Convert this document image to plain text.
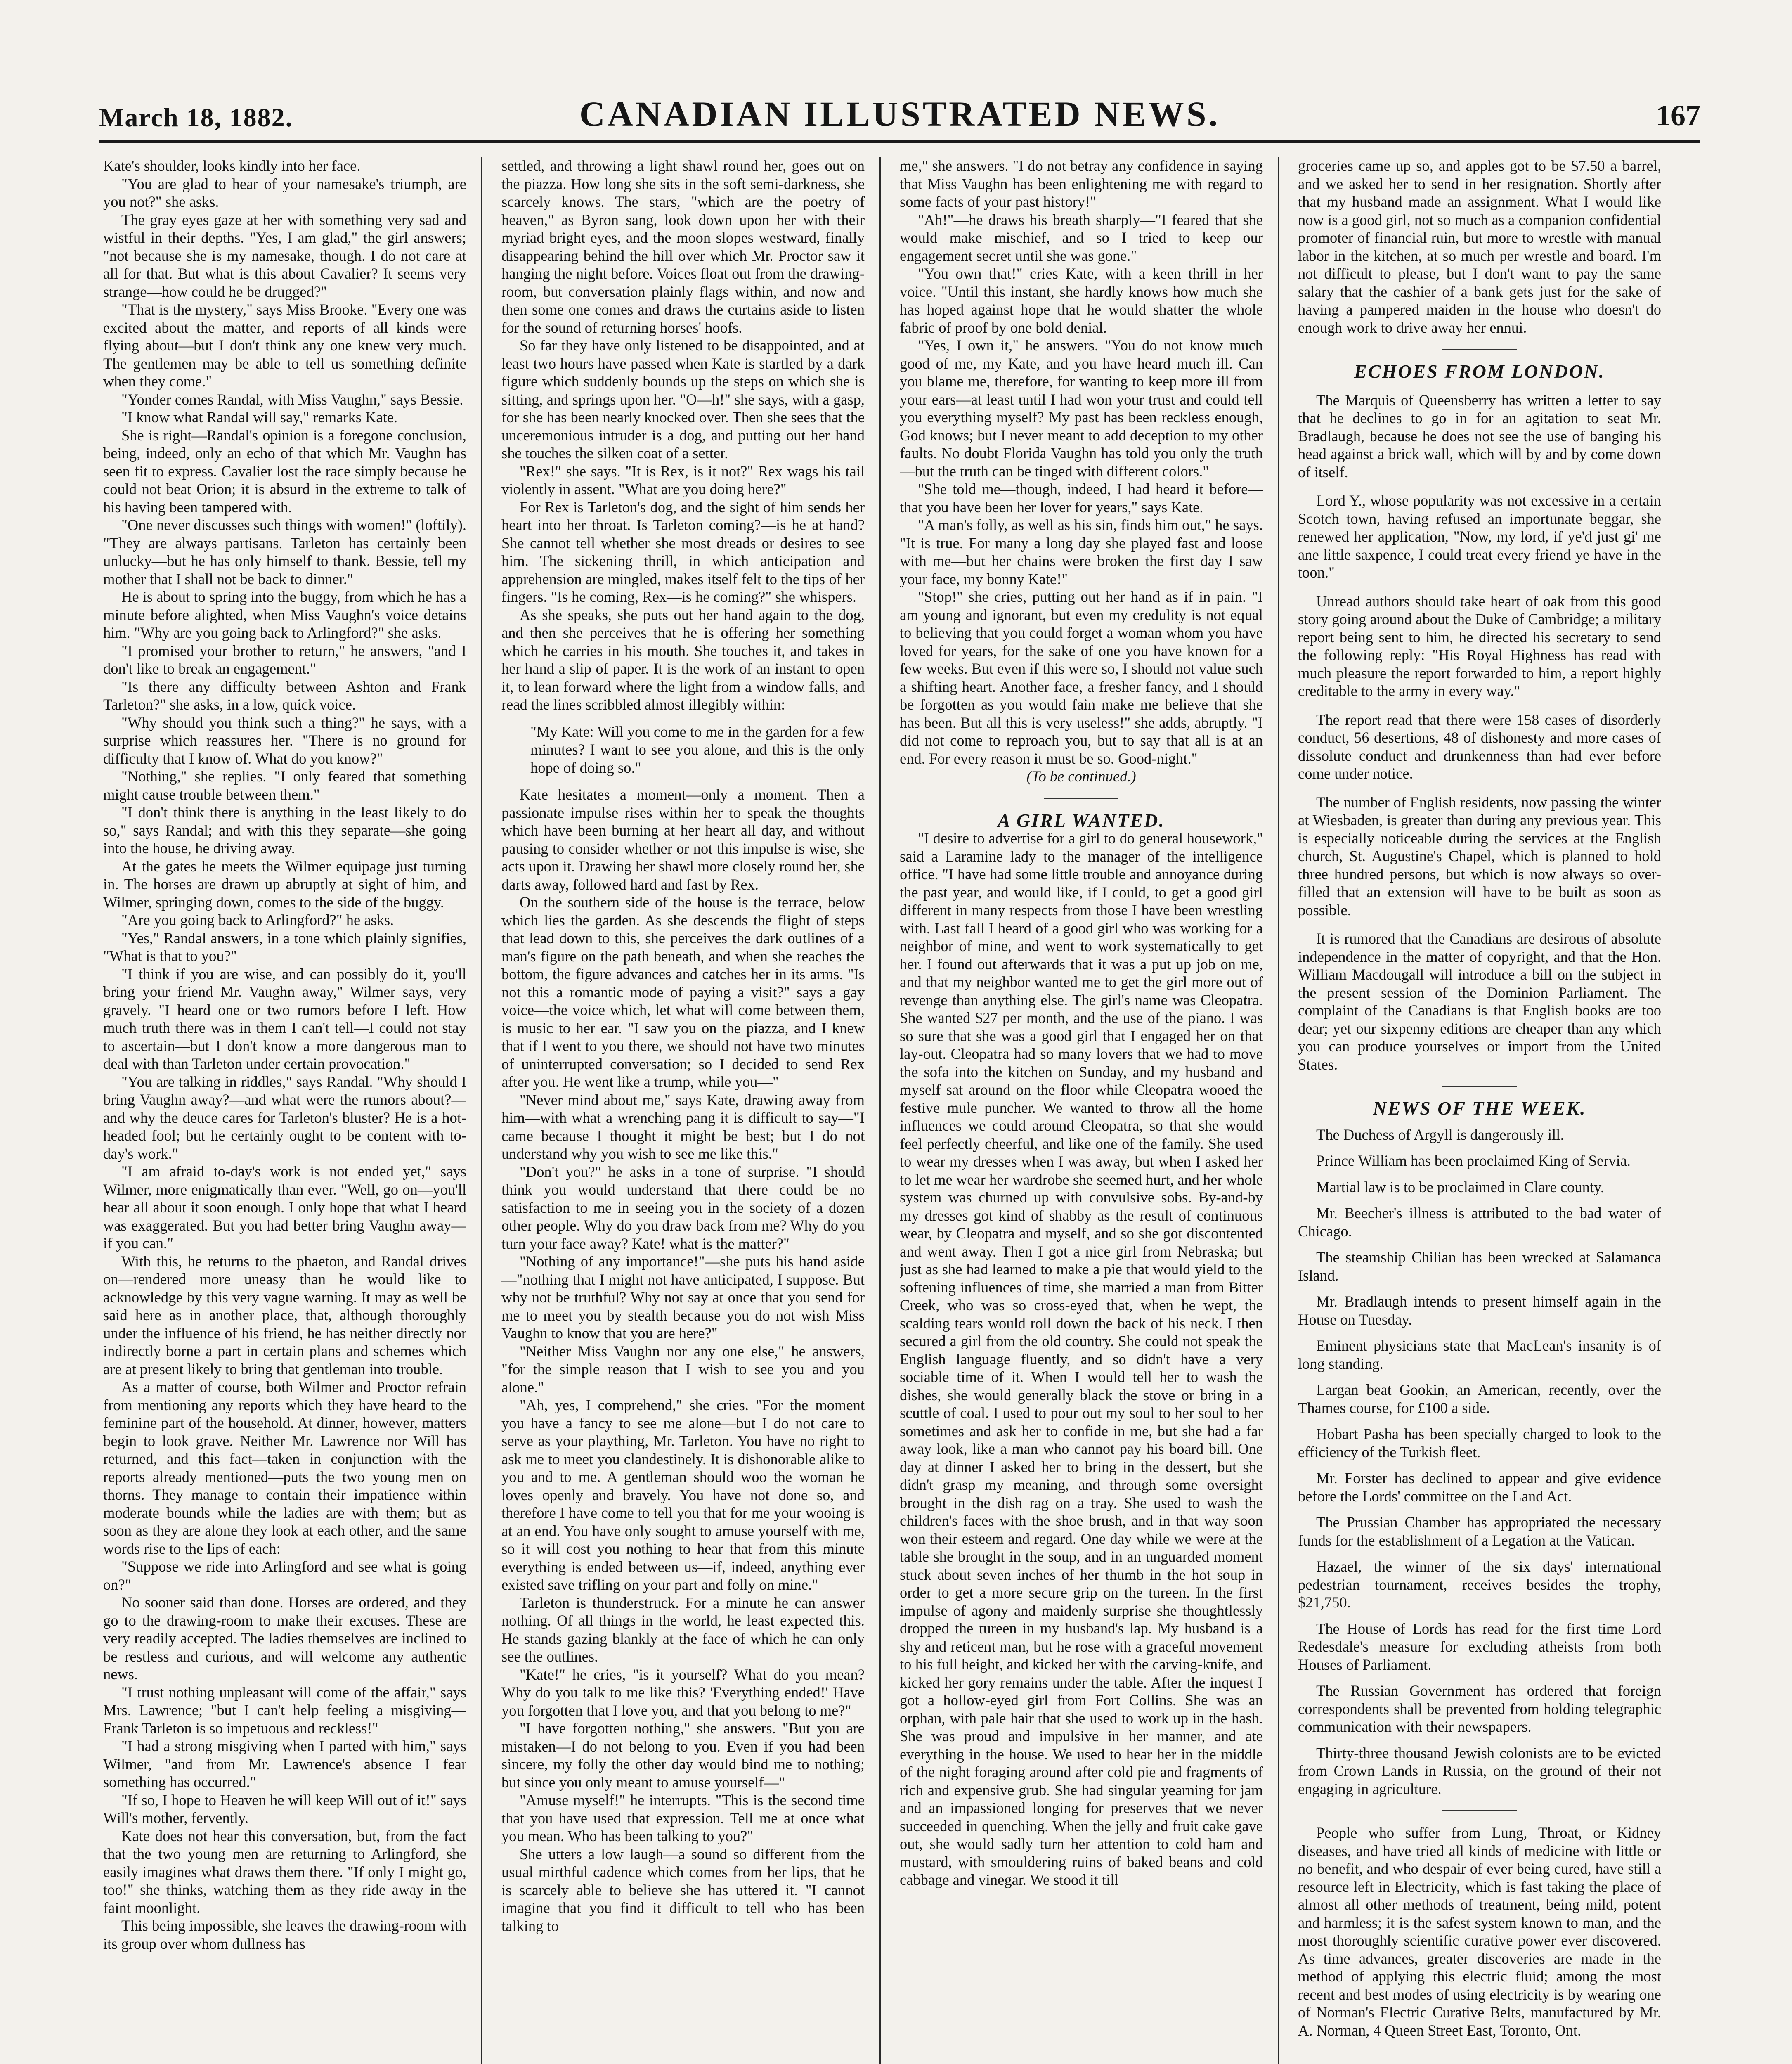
March 18, 1882.	CANADIAN ILLUSTRATED NEWS.	167

Kate's shoulder, looks kindly into her face.

"You are glad to hear of your namesake's triumph, are you not?" she asks.

The gray eyes gaze at her with something very sad and wistful in their depths. "Yes, I am glad," the girl answers; "not because she is my namesake, though. I do not care at all for that. But what is this about Cavalier? It seems very strange—how could he be drugged?"

"That is the mystery," says Miss Brooke. "Every one was excited about the matter, and reports of all kinds were flying about—but I don't think any one knew very much. The gentlemen may be able to tell us something definite when they come."

"Yonder comes Randal, with Miss Vaughn," says Bessie.

"I know what Randal will say," remarks Kate.

She is right—Randal's opinion is a foregone conclusion, being, indeed, only an echo of that which Mr. Vaughn has seen fit to express. Cavalier lost the race simply because he could not beat Orion; it is absurd in the extreme to talk of his having been tampered with.

"One never discusses such things with women!" (loftily). "They are always partisans. Tarleton has certainly been unlucky—but he has only himself to thank. Bessie, tell my mother that I shall not be back to dinner."

He is about to spring into the buggy, from which he has a minute before alighted, when Miss Vaughn's voice detains him. "Why are you going back to Arlingford?" she asks.

"I promised your brother to return," he answers, "and I don't like to break an engagement."

"Is there any difficulty between Ashton and Frank Tarleton?" she asks, in a low, quick voice.

"Why should you think such a thing?" he says, with a surprise which reassures her. "There is no ground for difficulty that I know of. What do you know?"

"Nothing," she replies. "I only feared that something might cause trouble between them."

"I don't think there is anything in the least likely to do so," says Randal; and with this they separate—she going into the house, he driving away.

At the gates he meets the Wilmer equipage just turning in. The horses are drawn up abruptly at sight of him, and Wilmer, springing down, comes to the side of the buggy.

"Are you going back to Arlingford?" he asks.

"Yes," Randal answers, in a tone which plainly signifies, "What is that to you?"

"I think if you are wise, and can possibly do it, you'll bring your friend Mr. Vaughn away," Wilmer says, very gravely. "I heard one or two rumors before I left. How much truth there was in them I can't tell—I could not stay to ascertain—but I don't know a more dangerous man to deal with than Tarleton under certain provocation."

"You are talking in riddles," says Randal. "Why should I bring Vaughn away?—and what were the rumors about?—and why the deuce cares for Tarleton's bluster? He is a hot-headed fool; but he certainly ought to be content with to-day's work."

"I am afraid to-day's work is not ended yet," says Wilmer, more enigmatically than ever. "Well, go on—you'll hear all about it soon enough. I only hope that what I heard was exaggerated. But you had better bring Vaughn away—if you can."

With this, he returns to the phaeton, and Randal drives on—rendered more uneasy than he would like to acknowledge by this very vague warning. It may as well be said here as in another place, that, although thoroughly under the influence of his friend, he has neither directly nor indirectly borne a part in certain plans and schemes which are at present likely to bring that gentleman into trouble.

As a matter of course, both Wilmer and Proctor refrain from mentioning any reports which they have heard to the feminine part of the household. At dinner, however, matters begin to look grave. Neither Mr. Lawrence nor Will has returned, and this fact—taken in conjunction with the reports already mentioned—puts the two young men on thorns. They manage to contain their impatience within moderate bounds while the ladies are with them; but as soon as they are alone they look at each other, and the same words rise to the lips of each:

"Suppose we ride into Arlingford and see what is going on?"

No sooner said than done. Horses are ordered, and they go to the drawing-room to make their excuses. These are very readily accepted. The ladies themselves are inclined to be restless and curious, and will welcome any authentic news.

"I trust nothing unpleasant will come of the affair," says Mrs. Lawrence; "but I can't help feeling a misgiving—Frank Tarleton is so impetuous and reckless!"

"I had a strong misgiving when I parted with him," says Wilmer, "and from Mr. Lawrence's absence I fear something has occurred."

"If so, I hope to Heaven he will keep Will out of it!" says Will's mother, fervently.

Kate does not hear this conversation, but, from the fact that the two young men are returning to Arlingford, she easily imagines what draws them there. "If only I might go, too!" she thinks, watching them as they ride away in the faint moonlight.

This being impossible, she leaves the drawing-room with its group over whom dullness has

settled, and throwing a light shawl round her, goes out on the piazza. How long she sits in the soft semi-darkness, she scarcely knows. The stars, "which are the poetry of heaven," as Byron sang, look down upon her with their myriad bright eyes, and the moon slopes westward, finally disappearing behind the hill over which Mr. Proctor saw it hanging the night before. Voices float out from the drawing-room, but conversation plainly flags within, and now and then some one comes and draws the curtains aside to listen for the sound of returning horses' hoofs.

So far they have only listened to be disappointed, and at least two hours have passed when Kate is startled by a dark figure which suddenly bounds up the steps on which she is sitting, and springs upon her. "O—h!" she says, with a gasp, for she has been nearly knocked over. Then she sees that the unceremonious intruder is a dog, and putting out her hand she touches the silken coat of a setter.

"Rex!" she says. "It is Rex, is it not?" Rex wags his tail violently in assent. "What are you doing here?"

For Rex is Tarleton's dog, and the sight of him sends her heart into her throat. Is Tarleton coming?—is he at hand? She cannot tell whether she most dreads or desires to see him. The sickening thrill, in which anticipation and apprehension are mingled, makes itself felt to the tips of her fingers. "Is he coming, Rex—is he coming?" she whispers.

As she speaks, she puts out her hand again to the dog, and then she perceives that he is offering her something which he carries in his mouth. She touches it, and takes in her hand a slip of paper. It is the work of an instant to open it, to lean forward where the light from a window falls, and read the lines scribbled almost illegibly within:

"My Kate: Will you come to me in the garden for a few minutes? I want to see you alone, and this is the only hope of doing so."

Kate hesitates a moment—only a moment. Then a passionate impulse rises within her to speak the thoughts which have been burning at her heart all day, and without pausing to consider whether or not this impulse is wise, she acts upon it. Drawing her shawl more closely round her, she darts away, followed hard and fast by Rex.

On the southern side of the house is the terrace, below which lies the garden. As she descends the flight of steps that lead down to this, she perceives the dark outlines of a man's figure on the path beneath, and when she reaches the bottom, the figure advances and catches her in its arms. "Is not this a romantic mode of paying a visit?" says a gay voice—the voice which, let what will come between them, is music to her ear. "I saw you on the piazza, and I knew that if I went to you there, we should not have two minutes of uninterrupted conversation; so I decided to send Rex after you. He went like a trump, while you—"

"Never mind about me," says Kate, drawing away from him—with what a wrenching pang it is difficult to say—"I came because I thought it might be best; but I do not understand why you wish to see me like this."

"Don't you?" he asks in a tone of surprise. "I should think you would understand that there could be no satisfaction to me in seeing you in the society of a dozen other people. Why do you draw back from me? Why do you turn your face away? Kate! what is the matter?"

"Nothing of any importance!"—she puts his hand aside—"nothing that I might not have anticipated, I suppose. But why not be truthful? Why not say at once that you send for me to meet you by stealth because you do not wish Miss Vaughn to know that you are here?"

"Neither Miss Vaughn nor any one else," he answers, "for the simple reason that I wish to see you and you alone."

"Ah, yes, I comprehend," she cries. "For the moment you have a fancy to see me alone—but I do not care to serve as your plaything, Mr. Tarleton. You have no right to ask me to meet you clandestinely. It is dishonorable alike to you and to me. A gentleman should woo the woman he loves openly and bravely. You have not done so, and therefore I have come to tell you that for me your wooing is at an end. You have only sought to amuse yourself with me, so it will cost you nothing to hear that from this minute everything is ended between us—if, indeed, anything ever existed save trifling on your part and folly on mine."

Tarleton is thunderstruck. For a minute he can answer nothing. Of all things in the world, he least expected this. He stands gazing blankly at the face of which he can only see the outlines.

"Kate!" he cries, "is it yourself? What do you mean? Why do you talk to me like this? 'Everything ended!' Have you forgotten that I love you, and that you belong to me?"

"I have forgotten nothing," she answers. "But you are mistaken—I do not belong to you. Even if you had been sincere, my folly the other day would bind me to nothing; but since you only meant to amuse yourself—"

"Amuse myself!" he interrupts. "This is the second time that you have used that expression. Tell me at once what you mean. Who has been talking to you?"

She utters a low laugh—a sound so different from the usual mirthful cadence which comes from her lips, that he is scarcely able to believe she has uttered it. "I cannot imagine that you find it difficult to tell who has been talking to

me," she answers. "I do not betray any confidence in saying that Miss Vaughn has been enlightening me with regard to some facts of your past history!"

"Ah!"—he draws his breath sharply—"I feared that she would make mischief, and so I tried to keep our engagement secret until she was gone."

"You own that!" cries Kate, with a keen thrill in her voice. "Until this instant, she hardly knows how much she has hoped against hope that he would shatter the whole fabric of proof by one bold denial.

"Yes, I own it," he answers. "You do not know much good of me, my Kate, and you have heard much ill. Can you blame me, therefore, for wanting to keep more ill from your ears—at least until I had won your trust and could tell you everything myself? My past has been reckless enough, God knows; but I never meant to add deception to my other faults. No doubt Florida Vaughn has told you only the truth—but the truth can be tinged with different colors."

"She told me—though, indeed, I had heard it before—that you have been her lover for years," says Kate.

"A man's folly, as well as his sin, finds him out," he says. "It is true. For many a long day she played fast and loose with me—but her chains were broken the first day I saw your face, my bonny Kate!"

"Stop!" she cries, putting out her hand as if in pain. "I am young and ignorant, but even my credulity is not equal to believing that you could forget a woman whom you have loved for years, for the sake of one you have known for a few weeks. But even if this were so, I should not value such a shifting heart. Another face, a fresher fancy, and I should be forgotten as you would fain make me believe that she has been. But all this is very useless!" she adds, abruptly. "I did not come to reproach you, but to say that all is at an end. For every reason it must be so. Good-night."

(To be continued.)

A GIRL WANTED.

"I desire to advertise for a girl to do general housework," said a Laramine lady to the manager of the intelligence office. "I have had some little trouble and annoyance during the past year, and would like, if I could, to get a good girl different in many respects from those I have been wrestling with. Last fall I heard of a good girl who was working for a neighbor of mine, and went to work systematically to get her. I found out afterwards that it was a put up job on me, and that my neighbor wanted me to get the girl more out of revenge than anything else. The girl's name was Cleopatra. She wanted $27 per month, and the use of the piano. I was so sure that she was a good girl that I engaged her on that lay-out. Cleopatra had so many lovers that we had to move the sofa into the kitchen on Sunday, and my husband and myself sat around on the floor while Cleopatra wooed the festive mule puncher. We wanted to throw all the home influences we could around Cleopatra, so that she would feel perfectly cheerful, and like one of the family. She used to wear my dresses when I was away, but when I asked her to let me wear her wardrobe she seemed hurt, and her whole system was churned up with convulsive sobs. By-and-by my dresses got kind of shabby as the result of continuous wear, by Cleopatra and myself, and so she got discontented and went away. Then I got a nice girl from Nebraska; but just as she had learned to make a pie that would yield to the softening influences of time, she married a man from Bitter Creek, who was so cross-eyed that, when he wept, the scalding tears would roll down the back of his neck. I then secured a girl from the old country. She could not speak the English language fluently, and so didn't have a very sociable time of it. When I would tell her to wash the dishes, she would generally black the stove or bring in a scuttle of coal. I used to pour out my soul to her soul to her sometimes and ask her to confide in me, but she had a far away look, like a man who cannot pay his board bill. One day at dinner I asked her to bring in the dessert, but she didn't grasp my meaning, and through some oversight brought in the dish rag on a tray. She used to wash the children's faces with the shoe brush, and in that way soon won their esteem and regard. One day while we were at the table she brought in the soup, and in an unguarded moment stuck about seven inches of her thumb in the hot soup in order to get a more secure grip on the tureen. In the first impulse of agony and maidenly surprise she thoughtlessly dropped the tureen in my husband's lap. My husband is a shy and reticent man, but he rose with a graceful movement to his full height, and kicked her with the carving-knife, and kicked her gory remains under the table. After the inquest I got a hollow-eyed girl from Fort Collins. She was an orphan, with pale hair that she used to work up in the hash. She was proud and impulsive in her manner, and ate everything in the house. We used to hear her in the middle of the night foraging around after cold pie and fragments of rich and expensive grub. She had singular yearning for jam and an impassioned longing for preserves that we never succeeded in quenching. When the jelly and fruit cake gave out, she would sadly turn her attention to cold ham and mustard, with smouldering ruins of baked beans and cold cabbage and vinegar. We stood it till

groceries came up so, and apples got to be $7.50 a barrel, and we asked her to send in her resignation. Shortly after that my husband made an assignment. What I would like now is a good girl, not so much as a companion confidential promoter of financial ruin, but more to wrestle with manual labor in the kitchen, at so much per wrestle and board. I'm not difficult to please, but I don't want to pay the same salary that the cashier of a bank gets just for the sake of having a pampered maiden in the house who doesn't do enough work to drive away her ennui.

ECHOES FROM LONDON.

The Marquis of Queensberry has written a letter to say that he declines to go in for an agitation to seat Mr. Bradlaugh, because he does not see the use of banging his head against a brick wall, which will by and by come down of itself.

Lord Y., whose popularity was not excessive in a certain Scotch town, having refused an importunate beggar, she renewed her application, "Now, my lord, if ye'd just gi' me ane little saxpence, I could treat every friend ye have in the toon."

Unread authors should take heart of oak from this good story going around about the Duke of Cambridge; a military report being sent to him, he directed his secretary to send the following reply: "His Royal Highness has read with much pleasure the report forwarded to him, a report highly creditable to the army in every way."

The report read that there were 158 cases of disorderly conduct, 56 desertions, 48 of dishonesty and more cases of dissolute conduct and drunkenness than had ever before come under notice.

The number of English residents, now passing the winter at Wiesbaden, is greater than during any previous year. This is especially noticeable during the services at the English church, St. Augustine's Chapel, which is planned to hold three hundred persons, but which is now always so over-filled that an extension will have to be built as soon as possible.

It is rumored that the Canadians are desirous of absolute independence in the matter of copyright, and that the Hon. William Macdougall will introduce a bill on the subject in the present session of the Dominion Parliament. The complaint of the Canadians is that English books are too dear; yet our sixpenny editions are cheaper than any which you can produce yourselves or import from the United States.

NEWS OF THE WEEK.

The Duchess of Argyll is dangerously ill.

Prince William has been proclaimed King of Servia.

Martial law is to be proclaimed in Clare county.

Mr. Beecher's illness is attributed to the bad water of Chicago.

The steamship Chilian has been wrecked at Salamanca Island.

Mr. Bradlaugh intends to present himself again in the House on Tuesday.

Eminent physicians state that MacLean's insanity is of long standing.

Largan beat Gookin, an American, recently, over the Thames course, for £100 a side.

Hobart Pasha has been specially charged to look to the efficiency of the Turkish fleet.

Mr. Forster has declined to appear and give evidence before the Lords' committee on the Land Act.

The Prussian Chamber has appropriated the necessary funds for the establishment of a Legation at the Vatican.

Hazael, the winner of the six days' international pedestrian tournament, receives besides the trophy, $21,750.

The House of Lords has read for the first time Lord Redesdale's measure for excluding atheists from both Houses of Parliament.

The Russian Government has ordered that foreign correspondents shall be prevented from holding telegraphic communication with their newspapers.

Thirty-three thousand Jewish colonists are to be evicted from Crown Lands in Russia, on the ground of their not engaging in agriculture.

People who suffer from Lung, Throat, or Kidney diseases, and have tried all kinds of medicine with little or no benefit, and who despair of ever being cured, have still a resource left in Electricity, which is fast taking the place of almost all other methods of treatment, being mild, potent and harmless; it is the safest system known to man, and the most thoroughly scientific curative power ever discovered. As time advances, greater discoveries are made in the method of applying this electric fluid; among the most recent and best modes of using electricity is by wearing one of Norman's Electric Curative Belts, manufactured by Mr. A. Norman, 4 Queen Street East, Toronto, Ont.
